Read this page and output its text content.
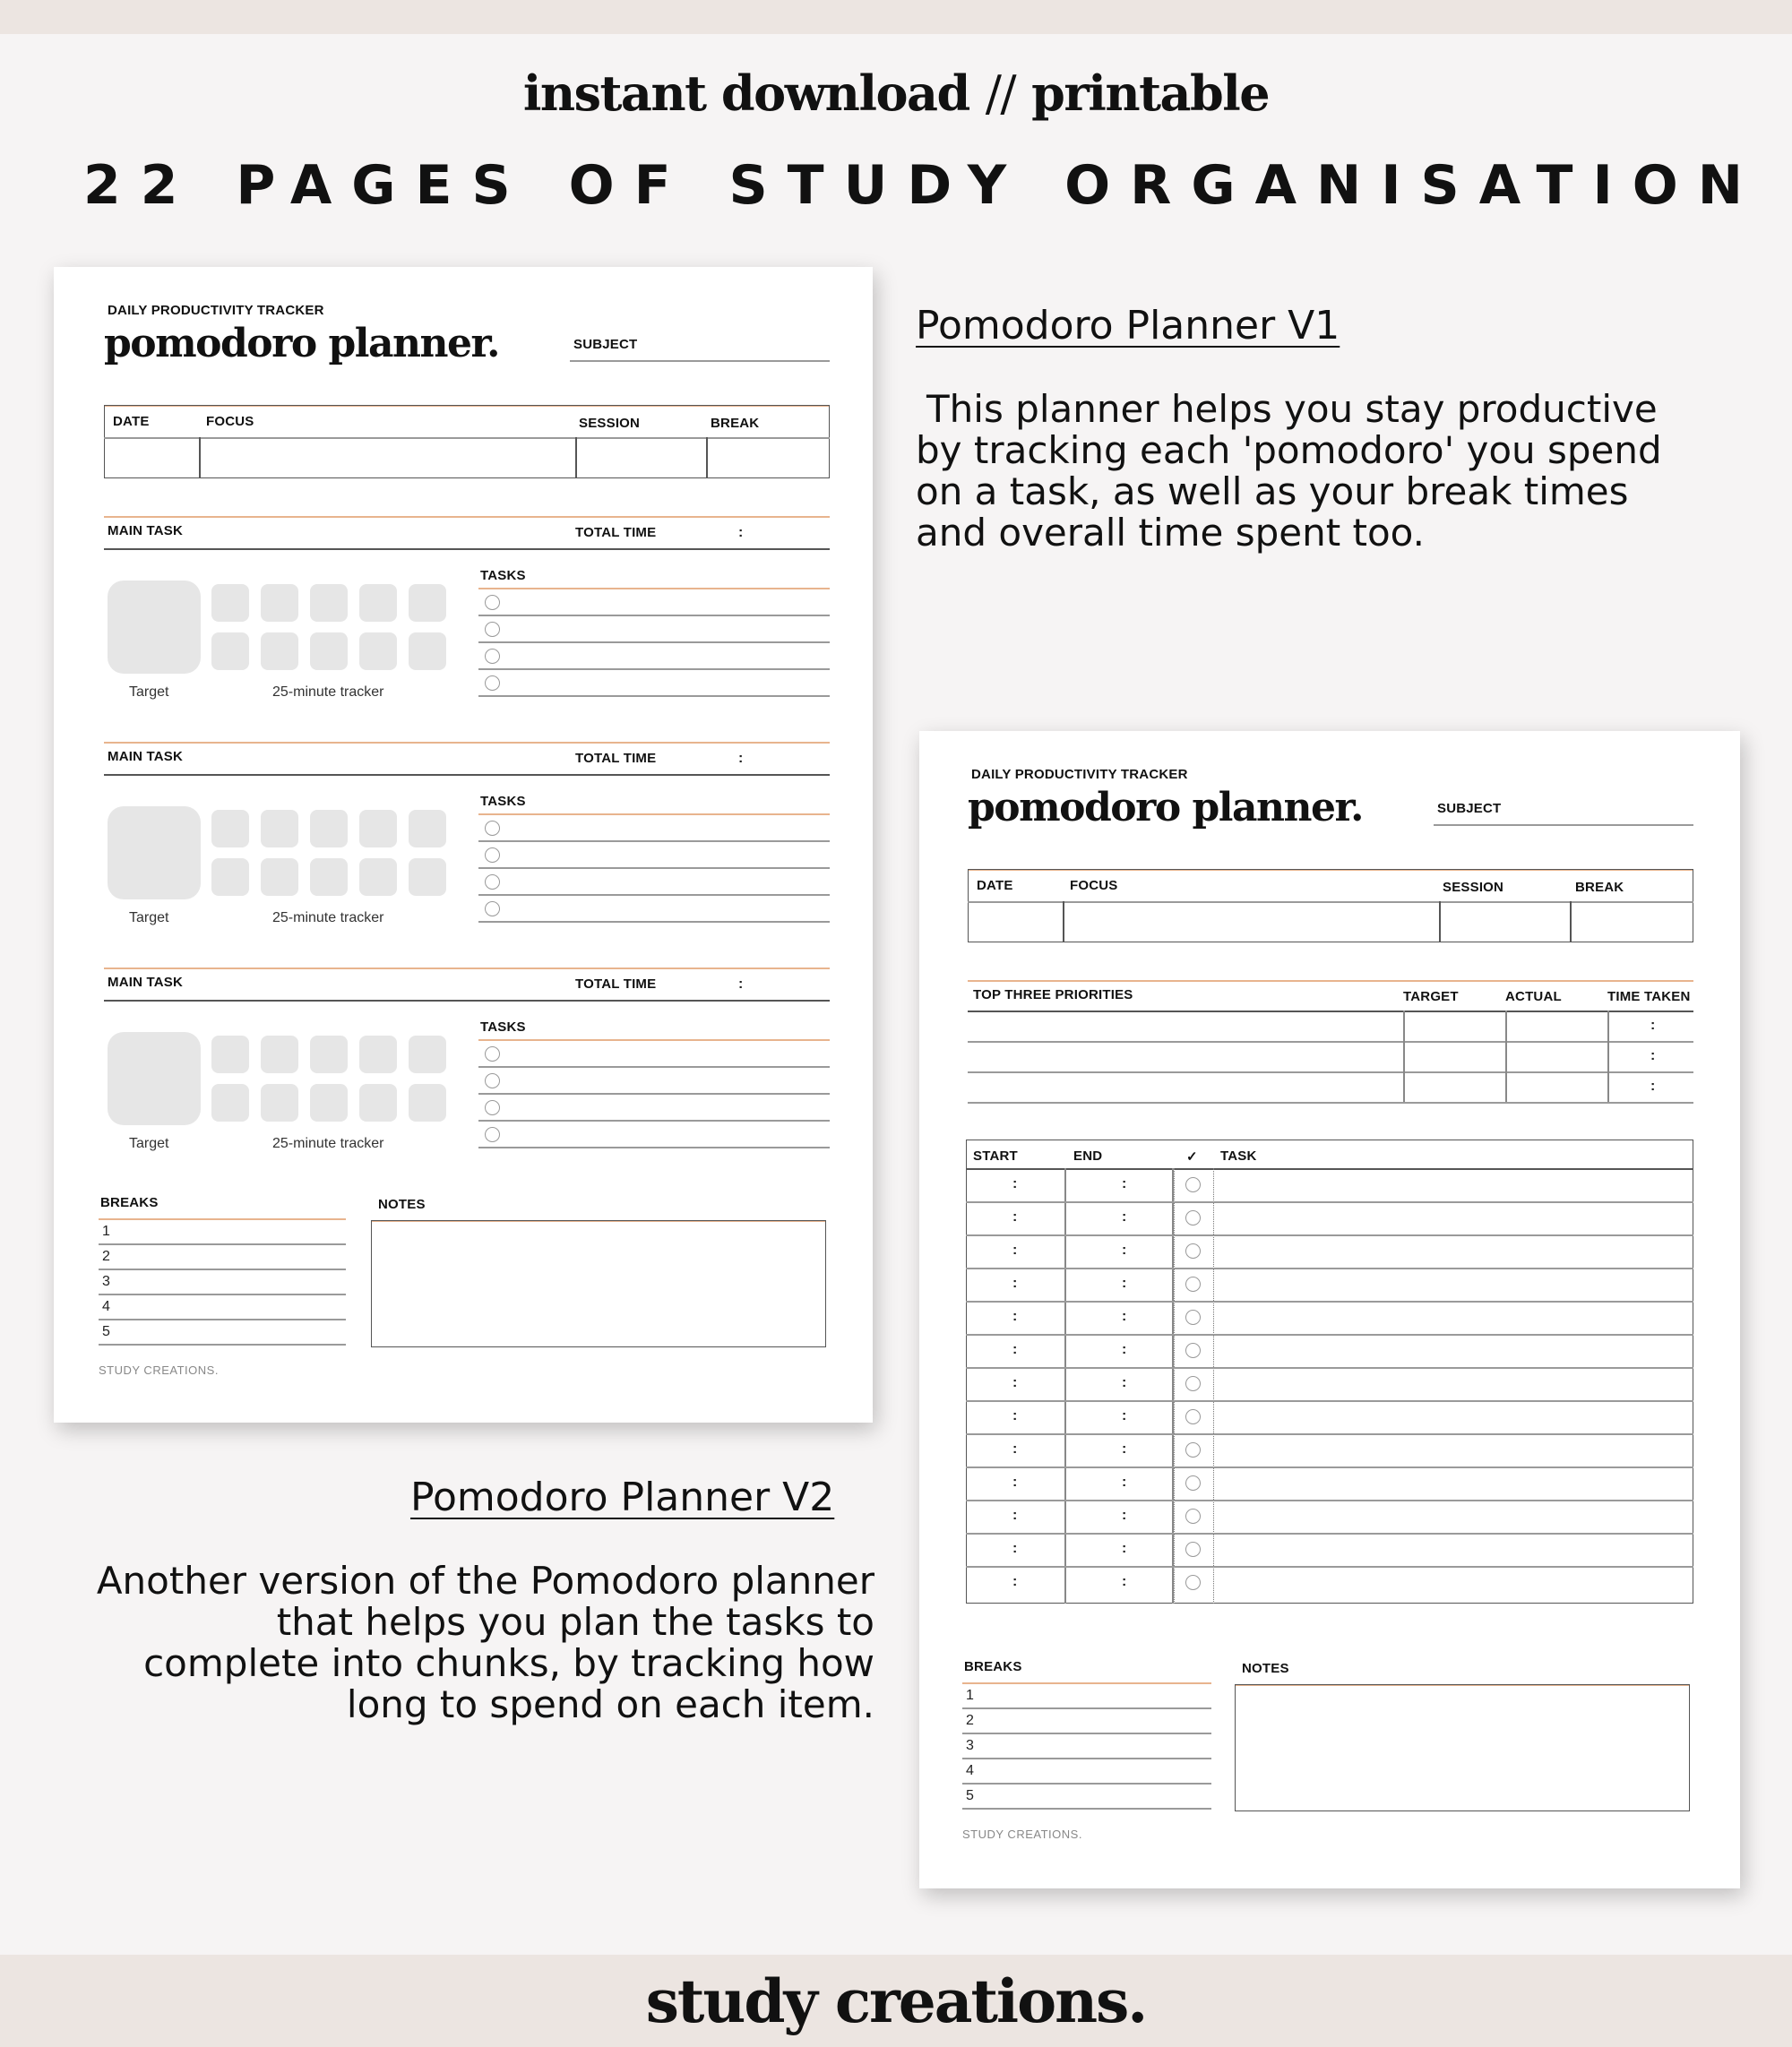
instant download // printable
22 PAGES OF STUDY ORGANISATION
Pomodoro Planner V1
This planner helps you stay productive by tracking each 'pomodoro' you spend on a task, as well as your break times and overall time spent too.
Pomodoro Planner V2
Another version of the Pomodoro planner that helps you plan the tasks to complete into chunks, by tracking how long to spend on each item.
DAILY PRODUCTIVITY TRACKER
pomodoro planner.	SUBJECT
DATE	FOCUS	SESSION	BREAK
MAIN TASK	TOTAL TIME	:
Target	25-minute tracker
TASKS
MAIN TASK	TOTAL TIME	:
Target	25-minute tracker
TASKS
MAIN TASK	TOTAL TIME	:
Target	25-minute tracker
TASKS
BREAKS
1
2
3
4
5
NOTES
STUDY CREATIONS.
DAILY PRODUCTIVITY TRACKER
pomodoro planner.	SUBJECT
DATE	FOCUS	SESSION	BREAK
TOP THREE PRIORITIES	TARGET	ACTUAL	TIME TAKEN
:
:
:
START	END	✓ TASK
:	:
:	:
:	:
:	:
:	:
:	:
:	:
:	:
:	:
:	:
:	:
:	:
:	:
BREAKS
1
2
3
4
5
NOTES
STUDY CREATIONS.
study creations.
